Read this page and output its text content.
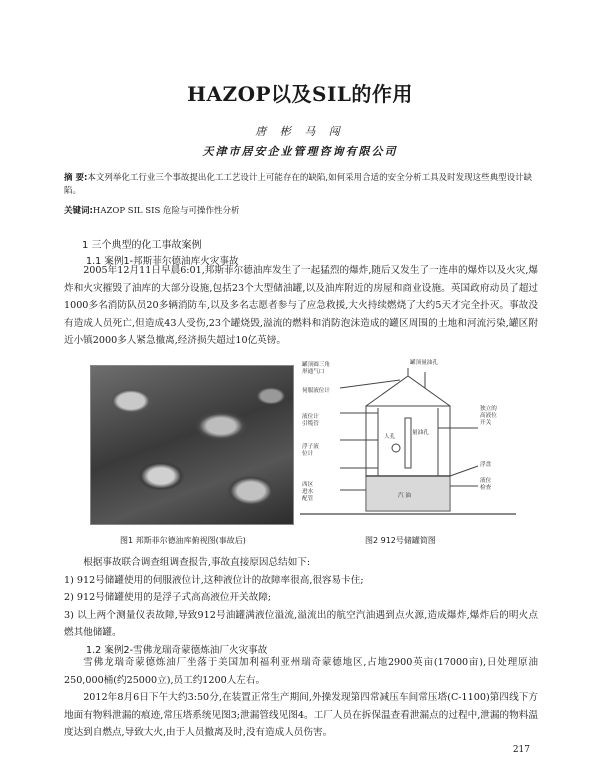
HAZOP以及SIL的作用
唐 彬 马 闯
天津市居安企业管理咨询有限公司
摘 要:本文列举化工行业三个事故提出化工工艺设计上可能存在的缺陷,如何采用合适的安全分析工具及时发现这些典型设计缺陷。
关键词:HAZOP SIL SIS 危险与可操作性分析
1 三个典型的化工事故案例
1.1 案例1-邦斯菲尔德油库火灾事故

2005年12月11日早晨6:01,邦斯菲尔德油库发生了一起猛烈的爆炸,随后又发生了一连串的爆炸以及火灾,爆炸和火灾摧毁了油库的大部分设施,包括23个大型储油罐,以及油库附近的房屋和商业设施。英国政府动员了超过1000多名消防队员20多辆消防车,以及多名志愿者参与了应急救援,大火持续燃烧了大约5天才完全扑灭。事故没有造成人员死亡,但造成43人受伤,23个罐烧毁,溢流的燃料和消防泡沫造成的罐区周围的土地和河流污染,罐区附近小镇2000多人紧急撤离,经济损失超过10亿英镑。

罐顶圆三角形通气口
罐顶量油孔
伺服液位计
独立的高液位开关
液位计引缆管
浮子液位计
人孔
量油孔
浮盘
液位检查
西区进水配管	汽 油
图1 邦斯菲尔德油库俯视图(事故后)	图2 912号储罐简图

根据事故联合调查组调查报告,事故直接原因总结如下:

1) 912号储罐使用的伺服液位计,这种液位计的故障率很高,很容易卡住;

2) 912号储罐使用的是浮子式高高液位开关故障;

3) 以上两个测量仪表故障,导致912号油罐满液位溢流,溢流出的航空汽油遇到点火源,造成爆炸,爆炸后的明火点燃其他储罐。

1.2 案例2-雪佛龙瑞奇蒙德炼油厂火灾事故

雪佛龙瑞奇蒙德炼油厂坐落于美国加利福利亚州瑞奇蒙德地区,占地2900英亩(17000亩),日处理原油250,000桶(约25000立),员工约1200人左右。

2012年8月6日下午大约3:50分,在装置正常生产期间,外操发现第四常减压车间常压塔(C-1100)第四线下方地面有物料泄漏的痕迹,常压塔系统见图3;泄漏管线见图4。工厂人员在拆保温查看泄漏点的过程中,泄漏的物料温度达到自燃点,导致大火,由于人员撤离及时,没有造成人员伤害。

217
